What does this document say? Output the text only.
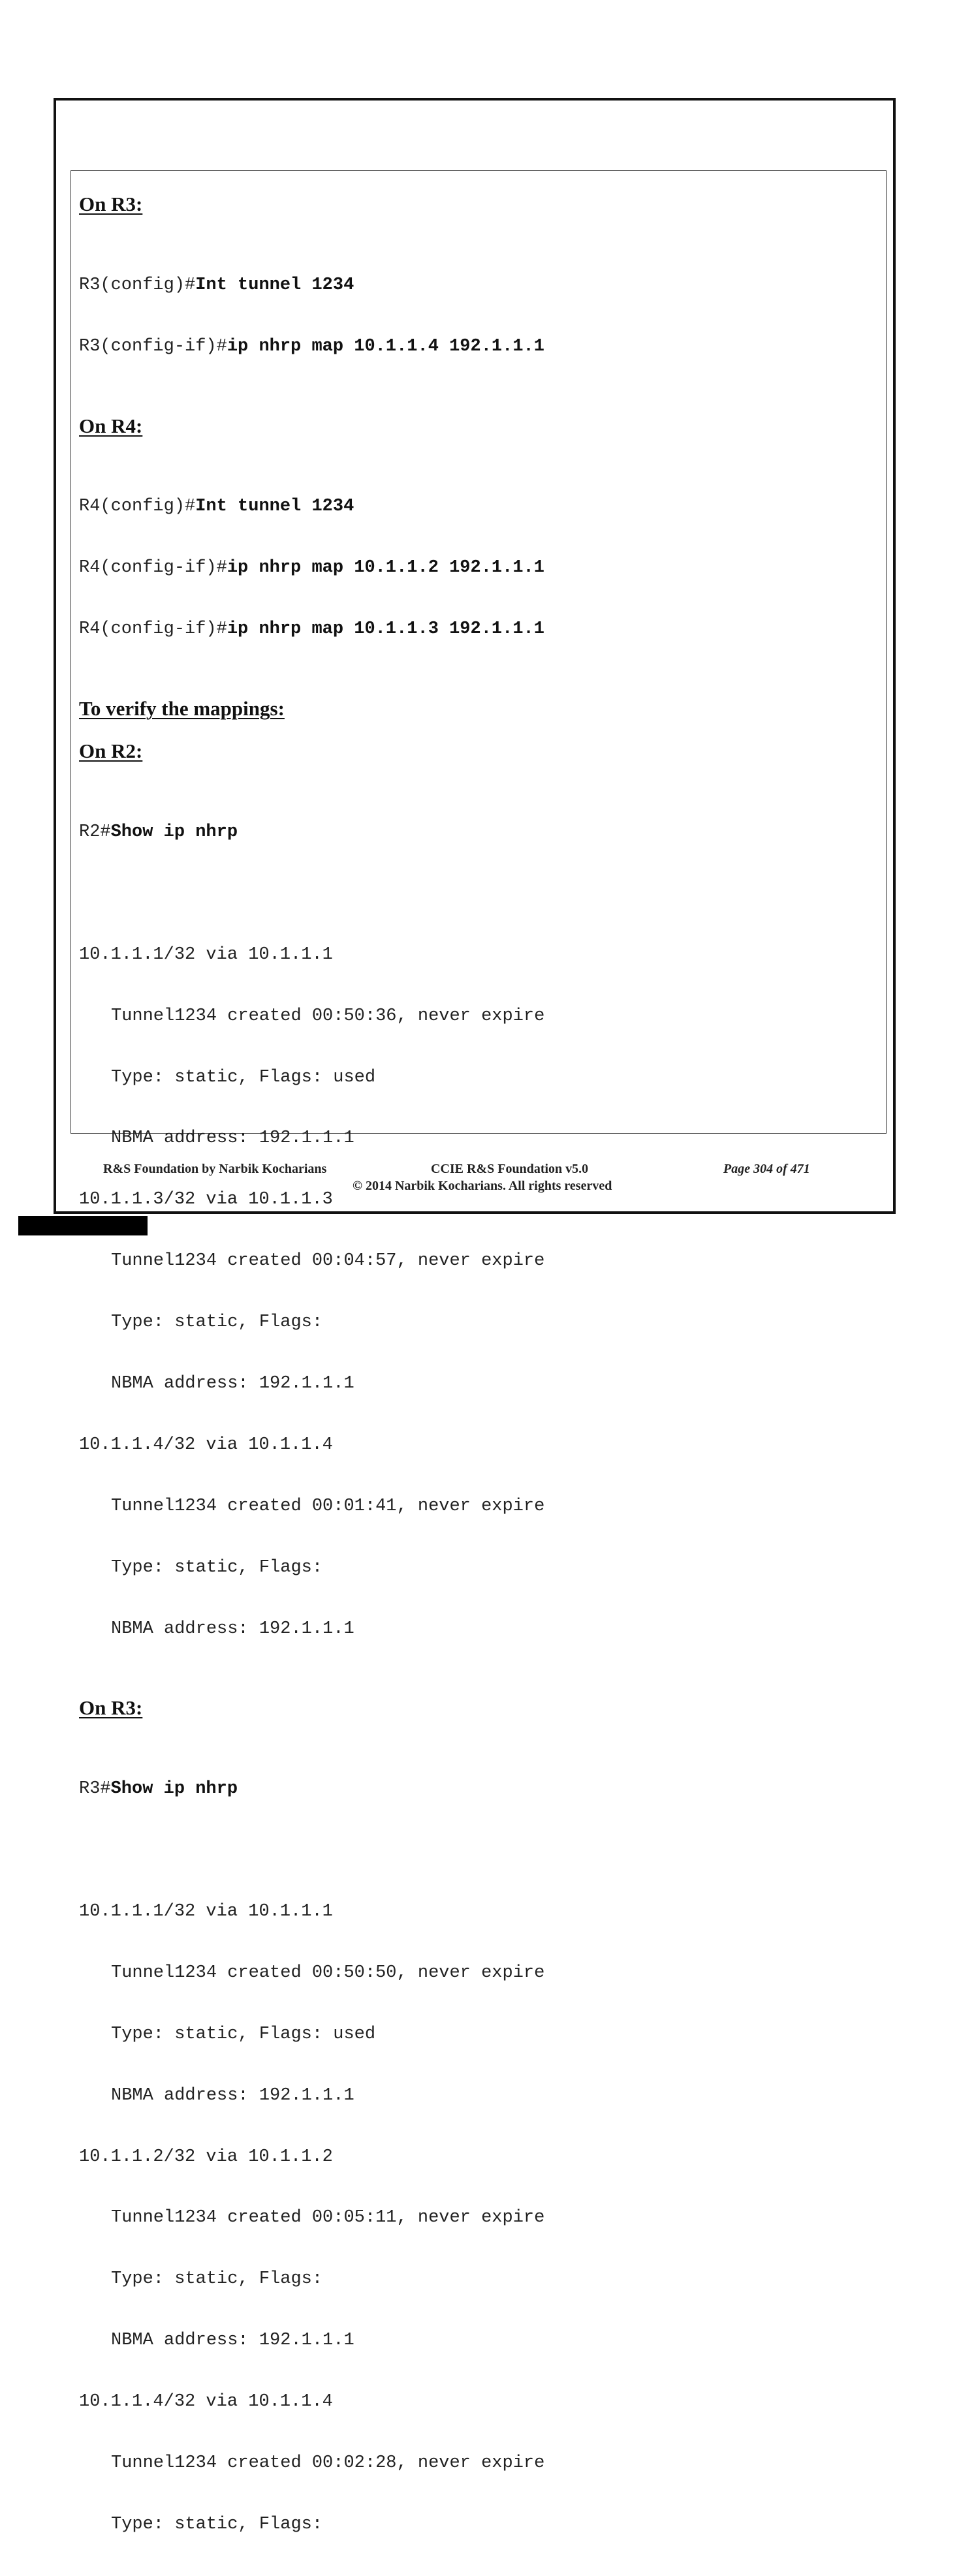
On R3:

R3(config)#Int tunnel 1234

R3(config-if)#ip nhrp map 10.1.1.4 192.1.1.1

On R4:

R4(config)#Int tunnel 1234

R4(config-if)#ip nhrp map 10.1.1.2 192.1.1.1

R4(config-if)#ip nhrp map 10.1.1.3 192.1.1.1

To verify the mappings:

On R2:

R2#Show ip nhrp

10.1.1.1/32 via 10.1.1.1

Tunnel1234 created 00:50:36, never expire

Type: static, Flags: used

NBMA address: 192.1.1.1

10.1.1.3/32 via 10.1.1.3

Tunnel1234 created 00:04:57, never expire

Type: static, Flags:

NBMA address: 192.1.1.1

10.1.1.4/32 via 10.1.1.4

Tunnel1234 created 00:01:41, never expire

Type: static, Flags:

NBMA address: 192.1.1.1

On R3:

R3#Show ip nhrp

10.1.1.1/32 via 10.1.1.1

Tunnel1234 created 00:50:50, never expire

Type: static, Flags: used

NBMA address: 192.1.1.1

10.1.1.2/32 via 10.1.1.2

Tunnel1234 created 00:05:11, never expire

Type: static, Flags:

NBMA address: 192.1.1.1

10.1.1.4/32 via 10.1.1.4

Tunnel1234 created 00:02:28, never expire

Type: static, Flags:

R&S Foundation by Narbik Kocharians	CCIE R&S Foundation v5.0	Page 304 of 471
© 2014 Narbik Kocharians. All rights reserved
